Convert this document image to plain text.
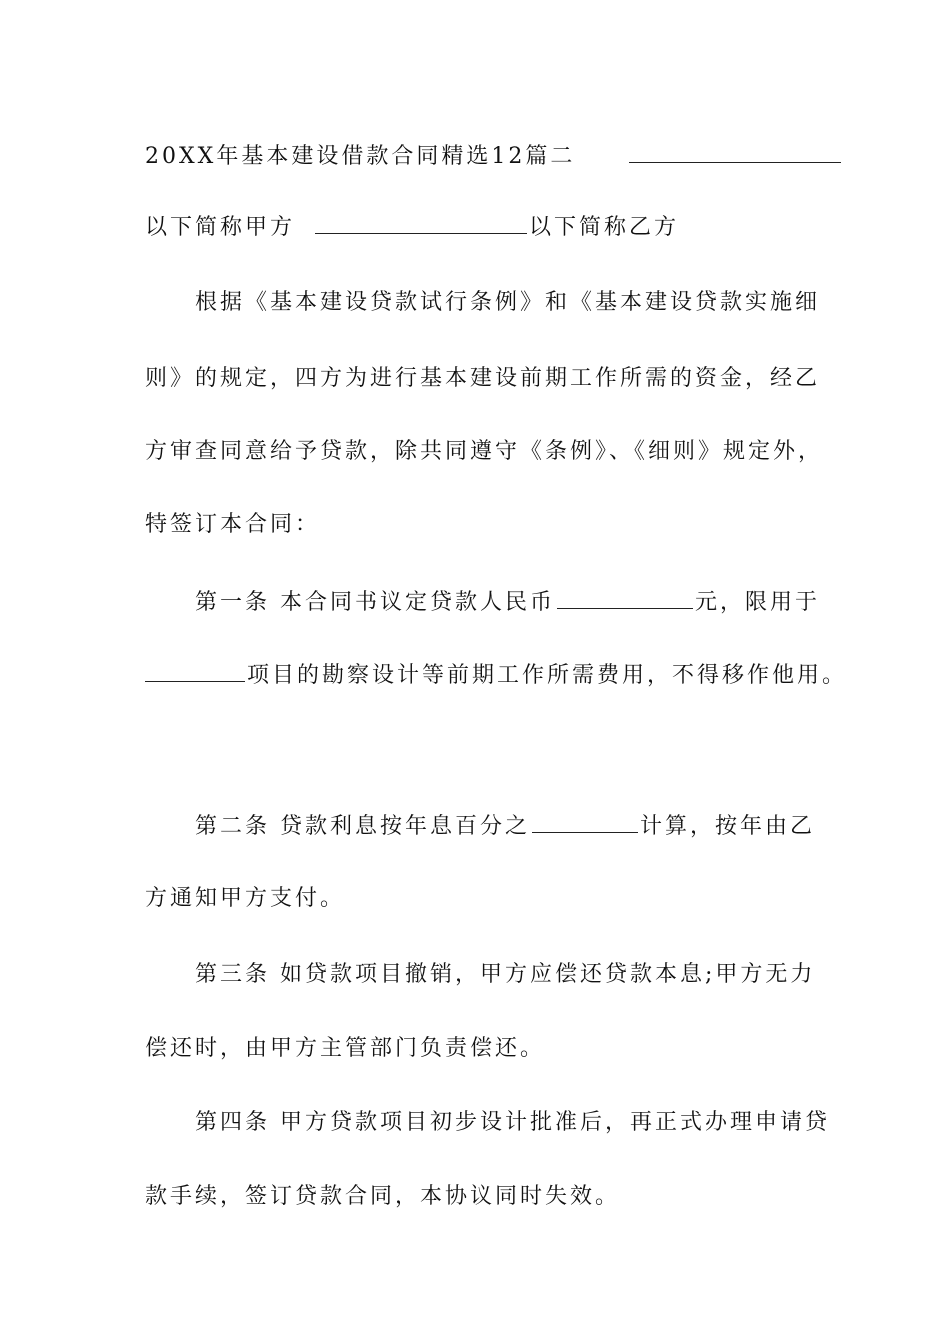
20XX年基本建设借款合同精选12篇二
以下简称甲方	以下简称乙方
根据《基本建设贷款试行条例》和《基本建设贷款实施细
则》的规定，四方为进行基本建设前期工作所需的资金，经乙
方审查同意给予贷款，除共同遵守《条例》、《细则》规定外，
特签订本合同：
第一条 本合同书议定贷款人民币	元，限用于
项目的勘察设计等前期工作所需费用，不得移作他用。
第二条 贷款利息按年息百分之	计算，按年由乙
方通知甲方支付。
第三条 如贷款项目撤销，甲方应偿还贷款本息;甲方无力
偿还时，由甲方主管部门负责偿还。
第四条 甲方贷款项目初步设计批准后，再正式办理申请贷
款手续，签订贷款合同，本协议同时失效。
